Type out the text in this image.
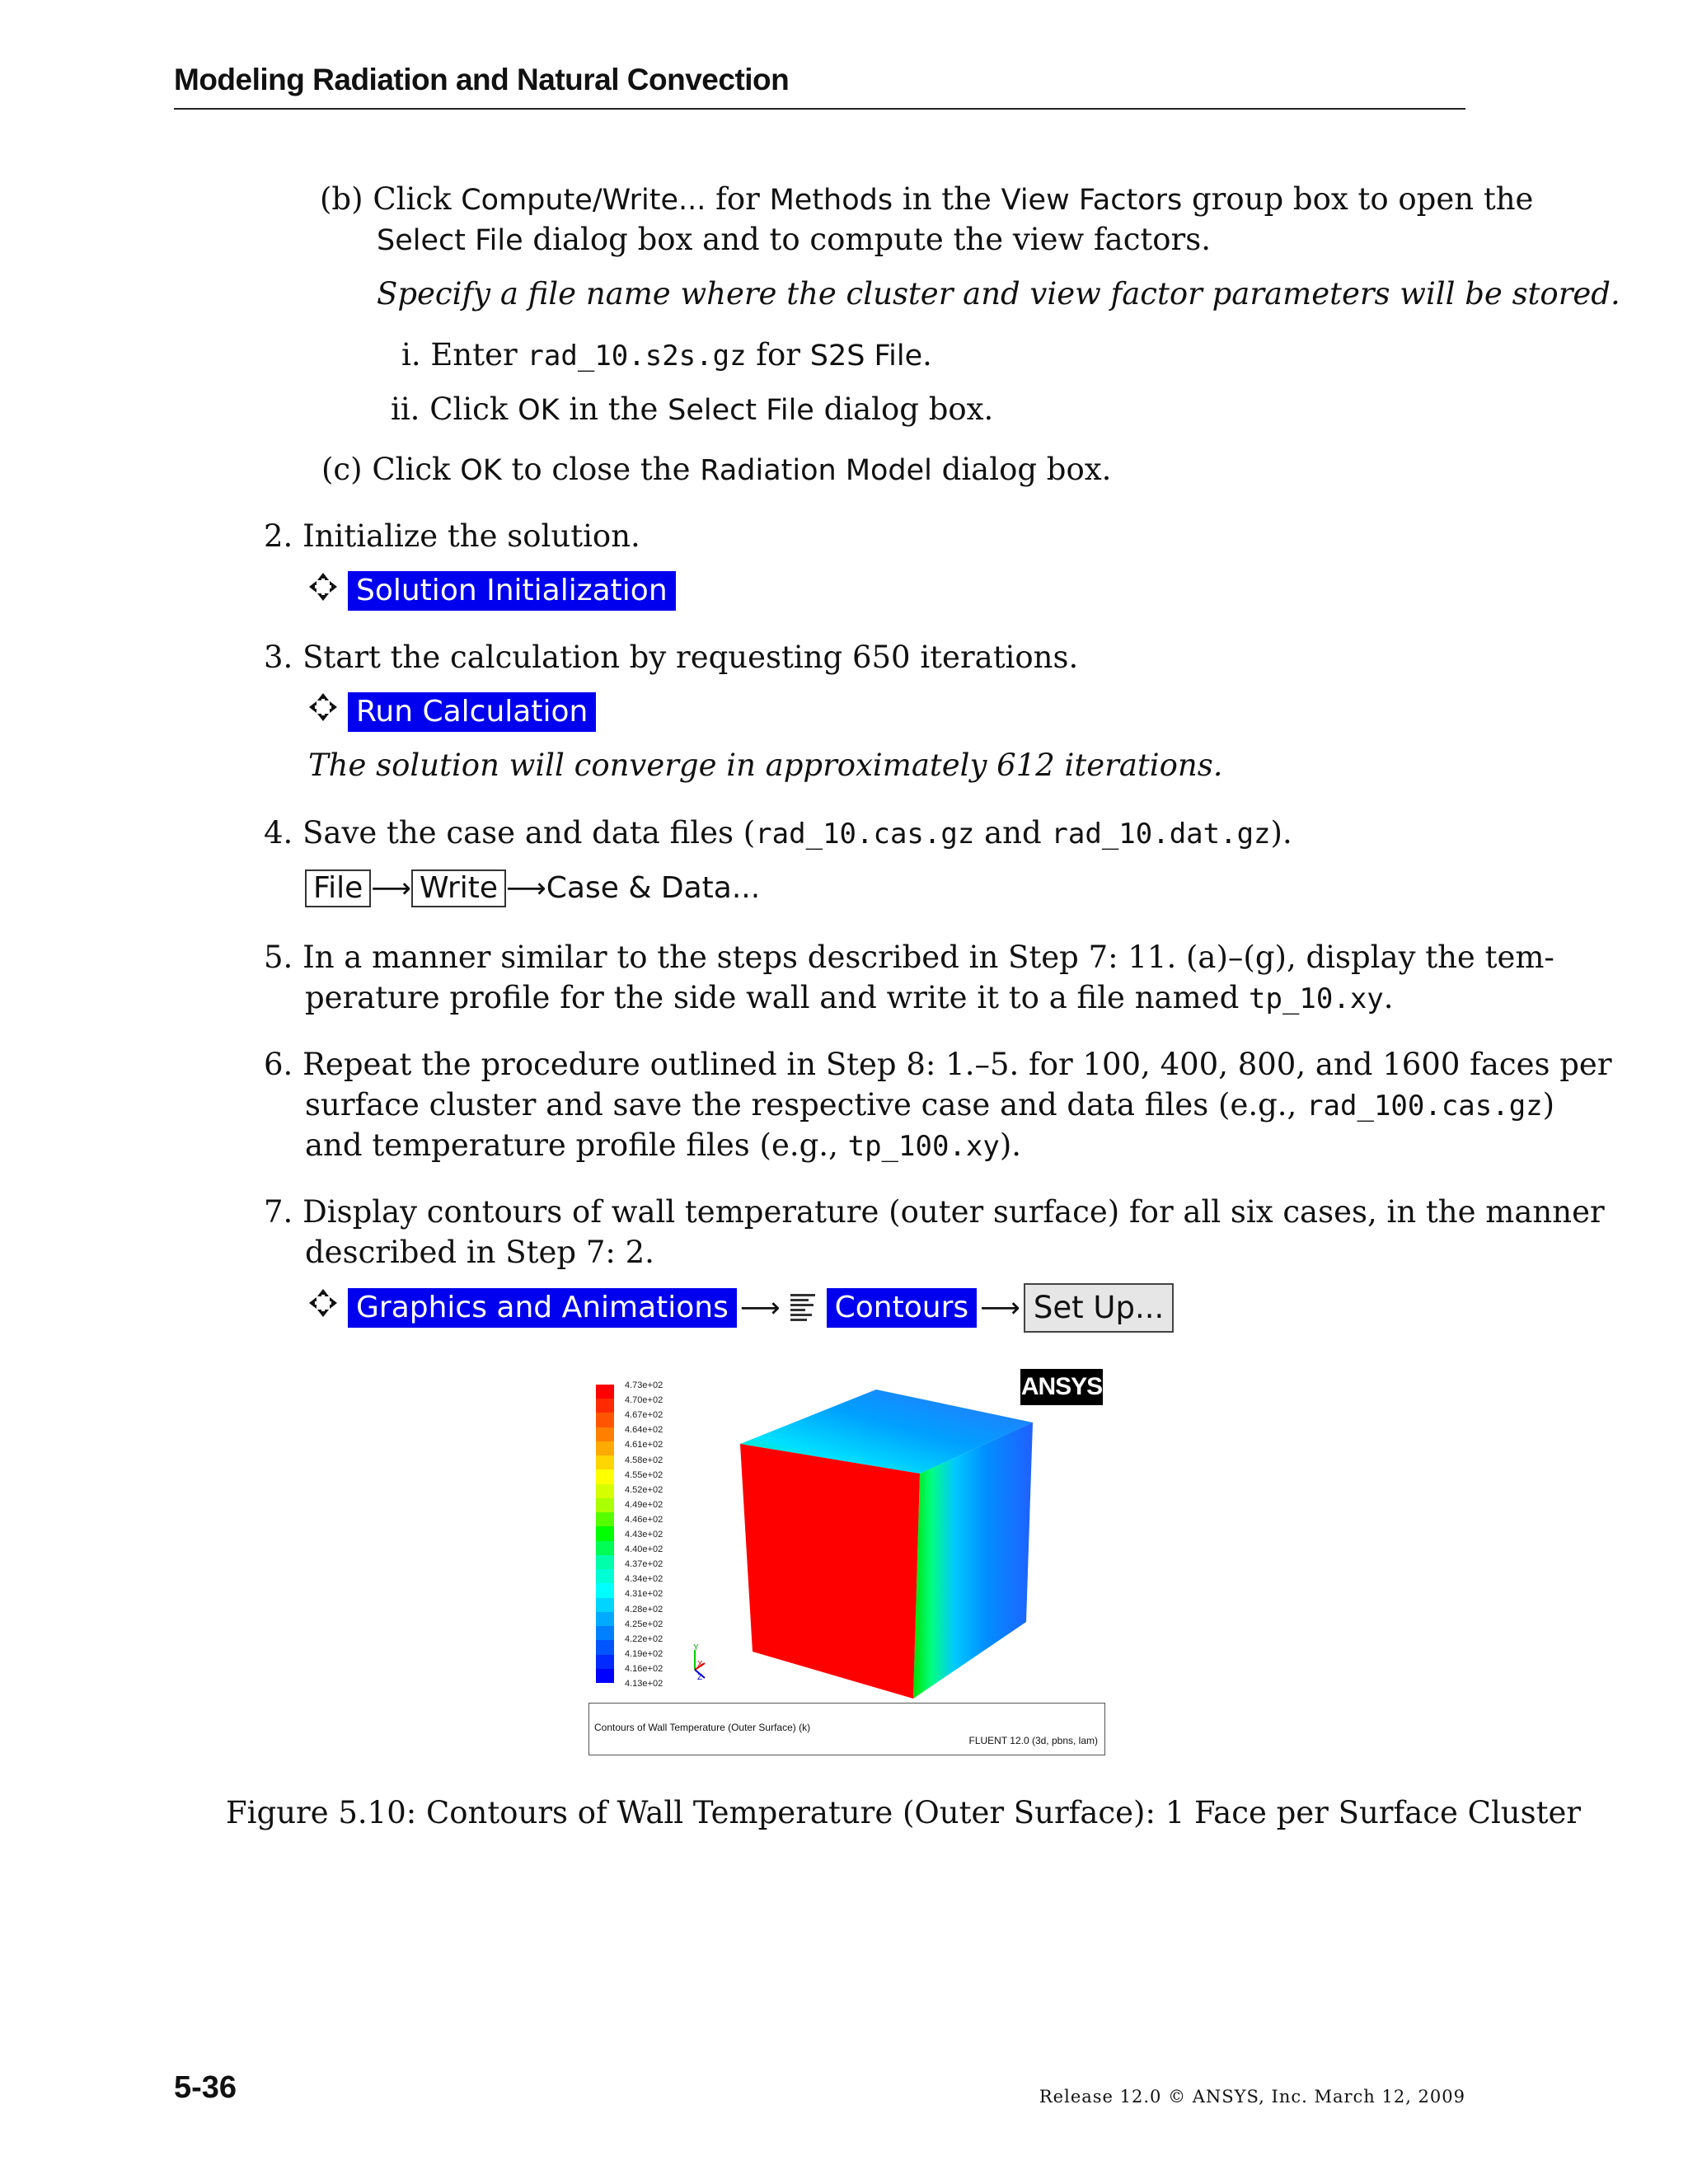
Modeling Radiation and Natural Convection
(b) Click Compute/Write... for Methods in the View Factors group box to open the
Select File dialog box and to compute the view factors.
Specify a file name where the cluster and view factor parameters will be stored.
i. Enter rad_10.s2s.gz for S2S File.
ii. Click OK in the Select File dialog box.
(c) Click OK to close the Radiation Model dialog box.
2. Initialize the solution.
Solution Initialization
3. Start the calculation by requesting 650 iterations.
Run Calculation
The solution will converge in approximately 612 iterations.
4. Save the case and data files (rad_10.cas.gz and rad_10.dat.gz).
File ⟶ Write ⟶Case & Data...
5. In a manner similar to the steps described in Step 7: 11. (a)–(g), display the tem-
perature profile for the side wall and write it to a file named tp_10.xy.
6. Repeat the procedure outlined in Step 8: 1.–5. for 100, 400, 800, and 1600 faces per
surface cluster and save the respective case and data files (e.g., rad_100.cas.gz)
and temperature profile files (e.g., tp_100.xy).
7. Display contours of wall temperature (outer surface) for all six cases, in the manner
described in Step 7: 2.
Graphics and Animations ⟶ Contours ⟶ Set Up...
ANSYS
Y
X
Z
4.73e+02
4.70e+02
4.67e+02
4.64e+02
4.61e+02
4.58e+02
4.55e+02
4.52e+02
4.49e+02
4.46e+02
4.43e+02
4.40e+02
4.37e+02
4.34e+02
4.31e+02
4.28e+02
4.25e+02
4.22e+02
4.19e+02
4.16e+02
4.13e+02
Contours of Wall Temperature (Outer Surface) (k)
FLUENT 12.0 (3d, pbns, lam)
Figure 5.10: Contours of Wall Temperature (Outer Surface): 1 Face per Surface Cluster
5-36	Release 12.0 © ANSYS, Inc. March 12, 2009
